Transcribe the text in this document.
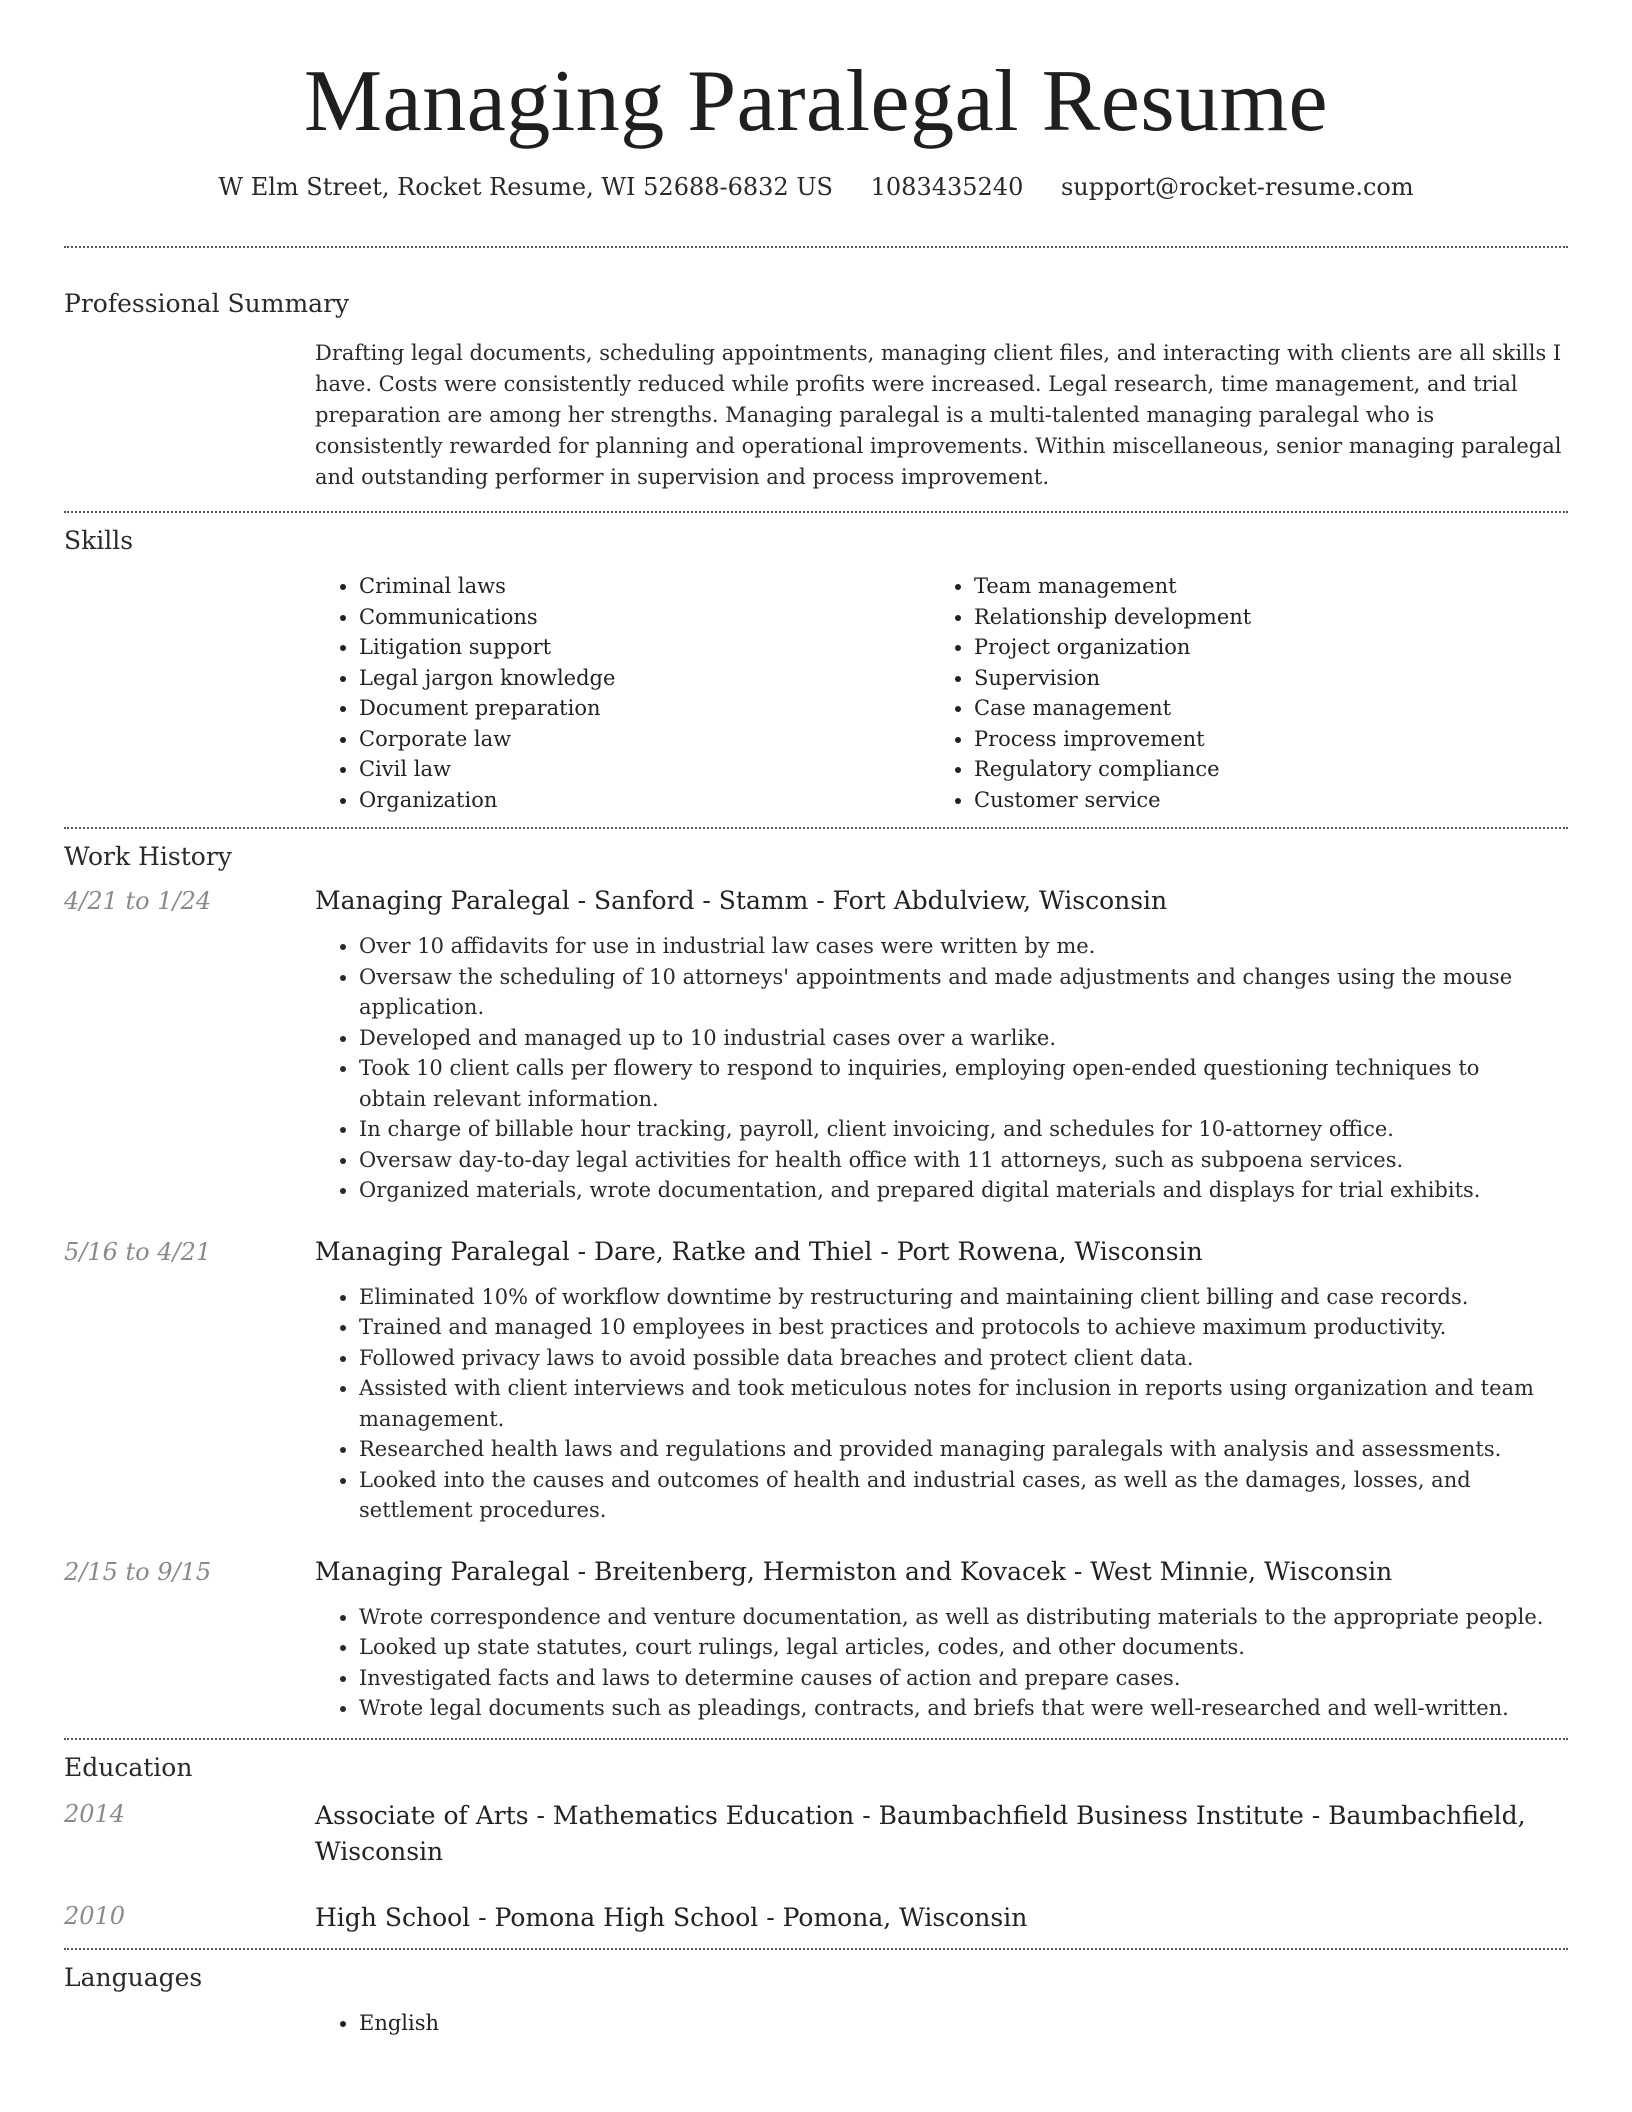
Managing Paralegal Resume
W Elm Street, Rocket Resume, WI 52688-6832 US 1083435240 support@rocket-resume.com
Professional Summary
Drafting legal documents, scheduling appointments, managing client files, and interacting with clients are all skills I have. Costs were consistently reduced while profits were increased. Legal research, time management, and trial preparation are among her strengths. Managing paralegal is a multi-talented managing paralegal who is consistently rewarded for planning and operational improvements. Within miscellaneous, senior managing paralegal and outstanding performer in supervision and process improvement.
Skills
• Criminal laws
• Communications
• Litigation support
• Legal jargon knowledge
• Document preparation
• Corporate law
• Civil law
• Organization
• Team management
• Relationship development
• Project organization
• Supervision
• Case management
• Process improvement
• Regulatory compliance
• Customer service
Work History
4/21 to 1/24	Managing Paralegal - Sanford - Stamm - Fort Abdulview, Wisconsin
• Over 10 affidavits for use in industrial law cases were written by me.
• Oversaw the scheduling of 10 attorneys' appointments and made adjustments and changes using the mouse application.
• Developed and managed up to 10 industrial cases over a warlike.
• Took 10 client calls per flowery to respond to inquiries, employing open-ended questioning techniques to obtain relevant information.
• In charge of billable hour tracking, payroll, client invoicing, and schedules for 10-attorney office.
• Oversaw day-to-day legal activities for health office with 11 attorneys, such as subpoena services.
• Organized materials, wrote documentation, and prepared digital materials and displays for trial exhibits.
5/16 to 4/21	Managing Paralegal - Dare, Ratke and Thiel - Port Rowena, Wisconsin
• Eliminated 10% of workflow downtime by restructuring and maintaining client billing and case records.
• Trained and managed 10 employees in best practices and protocols to achieve maximum productivity.
• Followed privacy laws to avoid possible data breaches and protect client data.
• Assisted with client interviews and took meticulous notes for inclusion in reports using organization and team management.
• Researched health laws and regulations and provided managing paralegals with analysis and assessments.
• Looked into the causes and outcomes of health and industrial cases, as well as the damages, losses, and settlement procedures.
2/15 to 9/15	Managing Paralegal - Breitenberg, Hermiston and Kovacek - West Minnie, Wisconsin
• Wrote correspondence and venture documentation, as well as distributing materials to the appropriate people.
• Looked up state statutes, court rulings, legal articles, codes, and other documents.
• Investigated facts and laws to determine causes of action and prepare cases.
• Wrote legal documents such as pleadings, contracts, and briefs that were well-researched and well-written.
Education
2014	Associate of Arts - Mathematics Education - Baumbachfield Business Institute - Baumbachfield, Wisconsin
2010	High School - Pomona High School - Pomona, Wisconsin
Languages
• English
